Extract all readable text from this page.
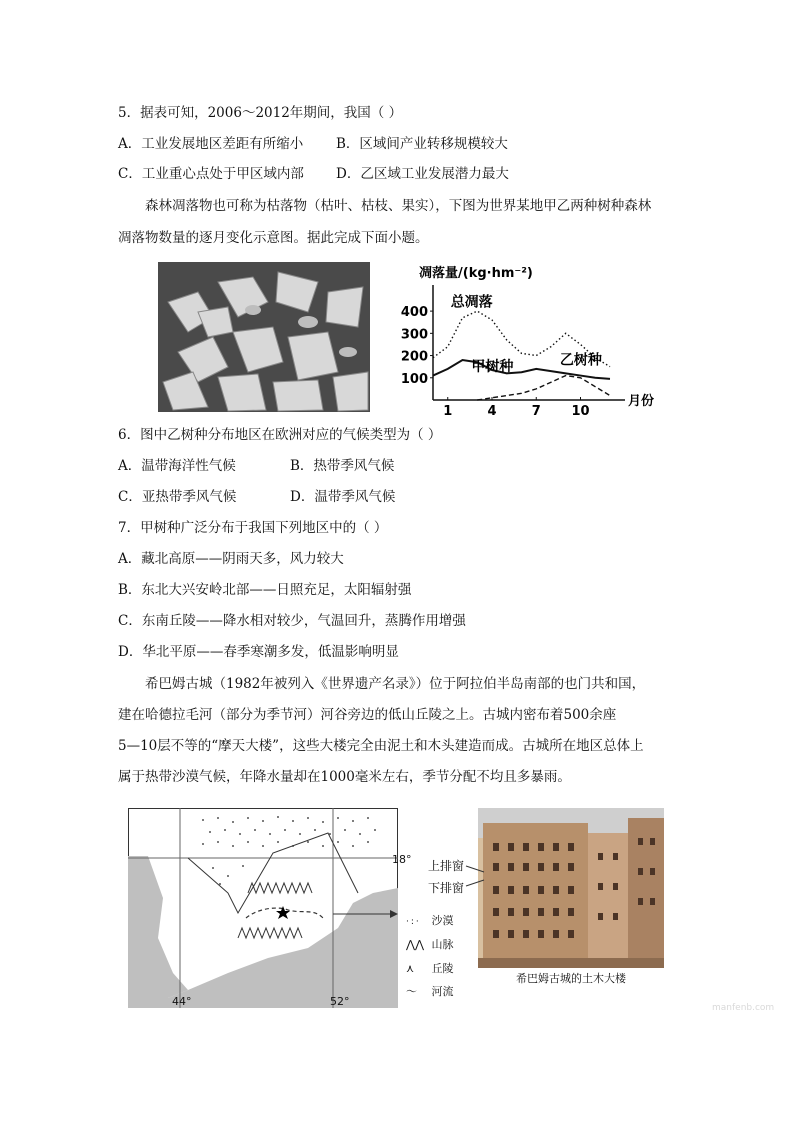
5．据表可知，2006～2012年期间，我国（ ）
A．工业发展地区差距有所缩小 B．区域间产业转移规模较大
C．工业重心点处于甲区域内部 D．乙区域工业发展潜力最大
森林凋落物也可称为枯落物（枯叶、枯枝、果实），下图为世界某地甲乙两种树种森林
凋落物数量的逐月变化示意图。据此完成下面小题。
凋落量/(kg·hm⁻²)
月份
100
200
300
400
1	4	7 10
总凋落
甲树种	乙树种
6．图中乙树种分布地区在欧洲对应的气候类型为（ ）
A．温带海洋性气候	B．热带季风气候
C．亚热带季风气候	D．温带季风气候
7．甲树种广泛分布于我国下列地区中的（ ）
A．藏北高原——阴雨天多，风力较大
B．东北大兴安岭北部——日照充足，太阳辐射强
C．东南丘陵——降水相对较少，气温回升，蒸腾作用增强
D．华北平原——春季寒潮多发，低温影响明显
希巴姆古城（1982年被列入《世界遗产名录》）位于阿拉伯半岛南部的也门共和国，
建在哈德拉毛河（部分为季节河）河谷旁边的低山丘陵之上。古城内密布着500余座
5—10层不等的“摩天大楼”，这些大楼完全由泥土和木头建造而成。古城所在地区总体上
属于热带沙漠气候，年降水量却在1000毫米左右，季节分配不均且多暴雨。
18°
44°	52°
·:· 沙漠
⋀⋀ 山脉
⋏ 丘陵
〜 河流
上排窗
下排窗
希巴姆古城的土木大楼
manfenb.com
